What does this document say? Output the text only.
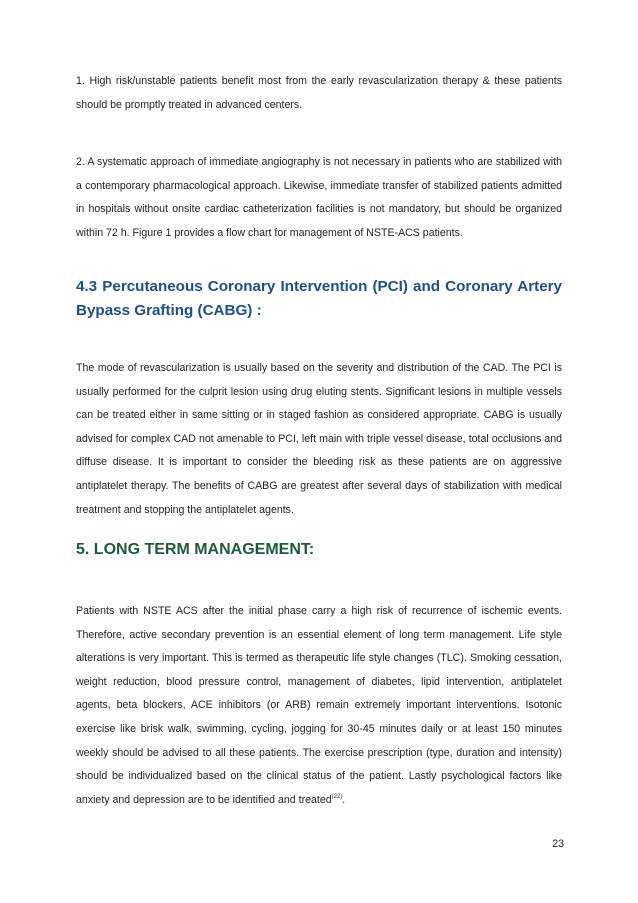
1. High risk/unstable patients benefit most from the early revascularization therapy & these patients should be promptly treated in advanced centers.

2. A systematic approach of immediate angiography is not necessary in patients who are stabilized with a contemporary pharmacological approach. Likewise, immediate transfer of stabilized patients admitted in hospitals without onsite cardiac catheterization facilities is not mandatory, but should be organized within 72 h. Figure 1 provides a flow chart for management of NSTE-ACS patients.

4.3 Percutaneous Coronary Intervention (PCI) and Coronary Artery Bypass Grafting (CABG) :

The mode of revascularization is usually based on the severity and distribution of the CAD. The PCI is usually performed for the culprit lesion using drug eluting stents. Significant lesions in multiple vessels can be treated either in same sitting or in staged fashion as considered appropriate. CABG is usually advised for complex CAD not amenable to PCI, left main with triple vessel disease, total occlusions and diffuse disease. It is important to consider the bleeding risk as these patients are on aggressive antiplatelet therapy. The benefits of CABG are greatest after several days of stabilization with medical treatment and stopping the antiplatelet agents.

5. LONG TERM MANAGEMENT:

Patients with NSTE ACS after the initial phase carry a high risk of recurrence of ischemic events. Therefore, active secondary prevention is an essential element of long term management. Life style alterations is very important. This is termed as therapeutic life style changes (TLC). Smoking cessation, weight reduction, blood pressure control, management of diabetes, lipid intervention, antiplatelet agents, beta blockers, ACE inhibitors (or ARB) remain extremely important interventions. Isotonic exercise like brisk walk, swimming, cycling, jogging for 30-45 minutes daily or at least 150 minutes weekly should be advised to all these patients. The exercise prescription (type, duration and intensity) should be individualized based on the clinical status of the patient. Lastly psychological factors like anxiety and depression are to be identified and treated$^{(22)}$.

23
